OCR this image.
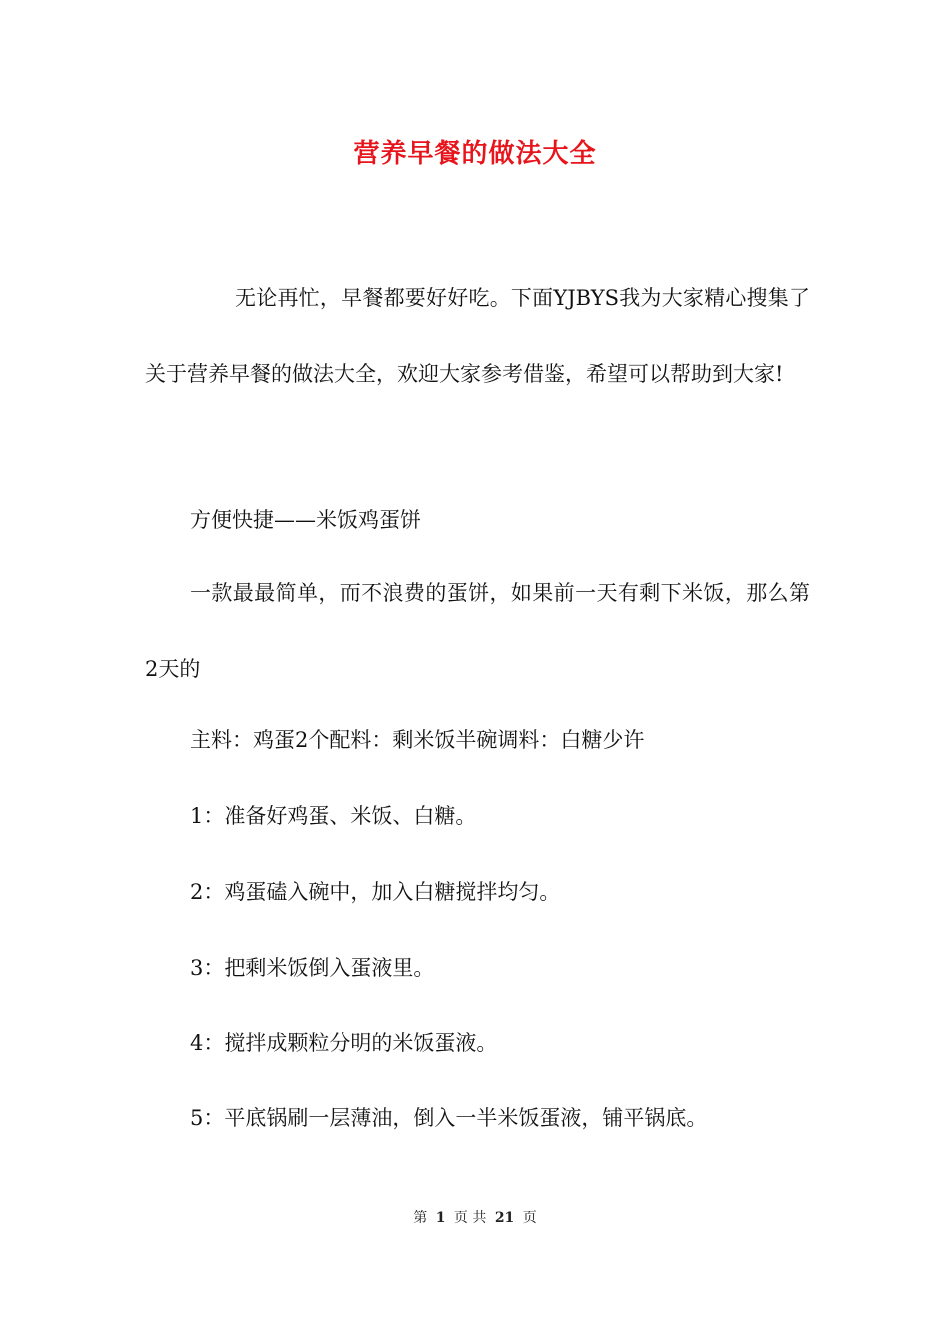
营养早餐的做法大全

无论再忙，早餐都要好好吃。下面YJBYS我为大家精心搜集了关于营养早餐的做法大全，欢迎大家参考借鉴，希望可以帮助到大家!

方便快捷——米饭鸡蛋饼

一款最最简单，而不浪费的蛋饼，如果前一天有剩下米饭，那么第2天的

主料：鸡蛋2个配料：剩米饭半碗调料：白糖少许

1：准备好鸡蛋、米饭、白糖。

2：鸡蛋磕入碗中，加入白糖搅拌均匀。

3：把剩米饭倒入蛋液里。

4：搅拌成颗粒分明的米饭蛋液。

5：平底锅刷一层薄油，倒入一半米饭蛋液，铺平锅底。

第 1 页 共 21 页
